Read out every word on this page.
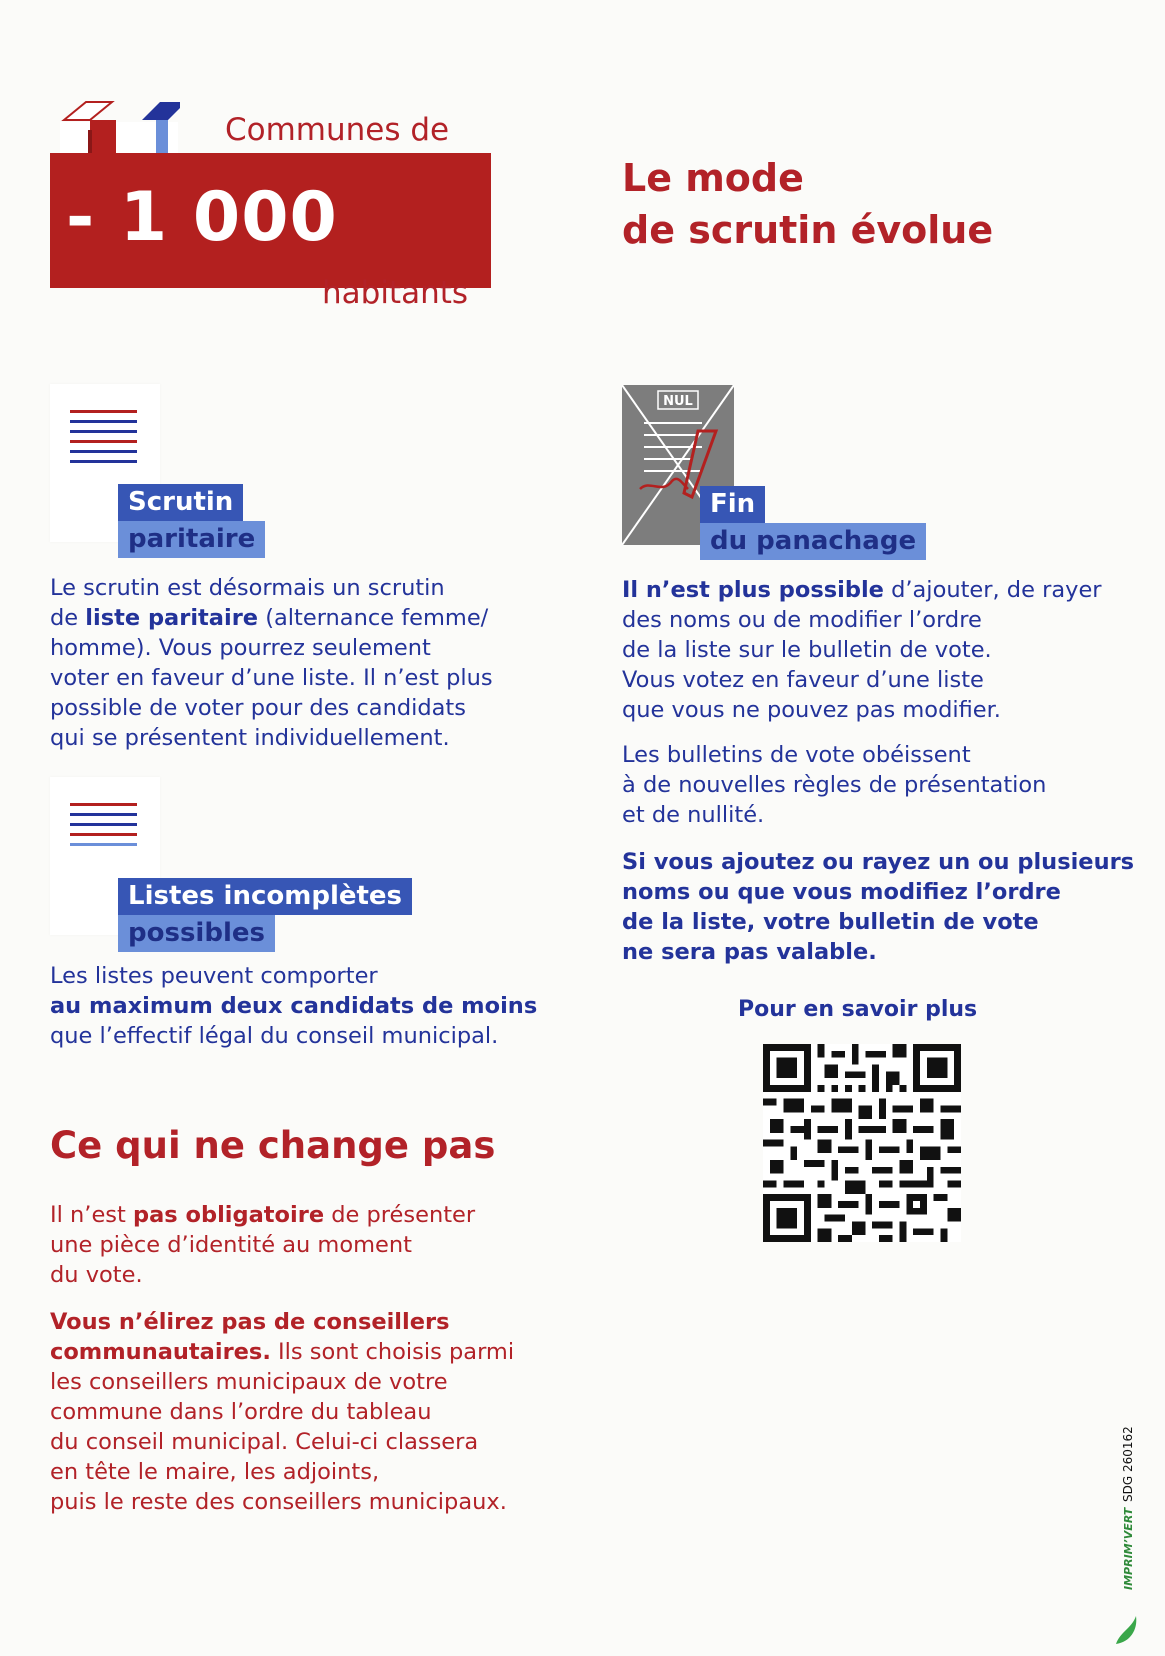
- 1 000
Communes de
habitants
Le mode
de scrutin évolue
Scrutin
paritaire
Le scrutin est désormais un scrutin
de liste paritaire (alternance femme/
homme). Vous pourrez seulement
voter en faveur d’une liste. Il n’est plus
possible de voter pour des candidats
qui se présentent individuellement.
Listes incomplètes
possibles
Les listes peuvent comporter
au maximum deux candidats de moins
que l’effectif légal du conseil municipal.
NUL
Fin
du panachage
Il n’est plus possible d’ajouter, de rayer
des noms ou de modifier l’ordre
de la liste sur le bulletin de vote.
Vous votez en faveur d’une liste
que vous ne pouvez pas modifier.
Les bulletins de vote obéissent
à de nouvelles règles de présentation
et de nullité.
Si vous ajoutez ou rayez un ou plusieurs
noms ou que vous modifiez l’ordre
de la liste, votre bulletin de vote
ne sera pas valable.
Pour en savoir plus
Ce qui ne change pas
Il n’est pas obligatoire de présenter
une pièce d’identité au moment
du vote.
Vous n’élirez pas de conseillers
communautaires. Ils sont choisis parmi
les conseillers municipaux de votre
commune dans l’ordre du tableau
du conseil municipal. Celui-ci classera
en tête le maire, les adjoints,
puis le reste des conseillers municipaux.
IMPRIM’VERT
SDG 260162
